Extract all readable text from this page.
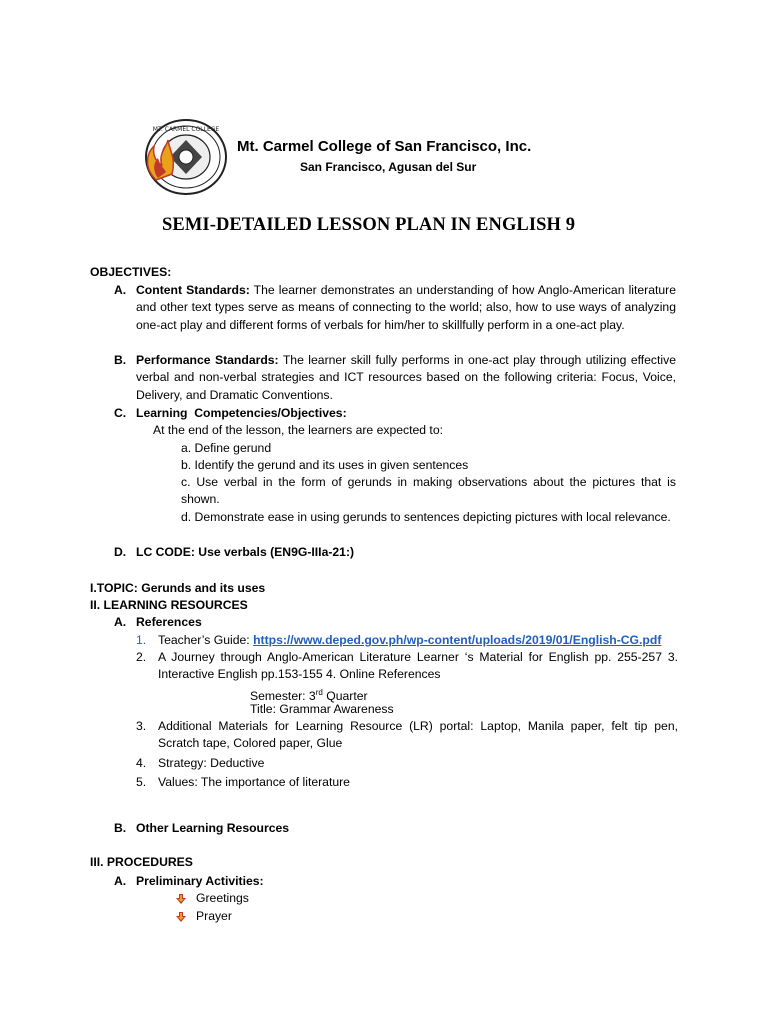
MT. CARMEL COLLEGE
Mt. Carmel College of San Francisco, Inc.
San Francisco, Agusan del Sur
SEMI-DETAILED LESSON PLAN IN ENGLISH 9
OBJECTIVES:
A. Content Standards: The learner demonstrates an understanding of how Anglo-American literature and other text types serve as means of connecting to the world; also, how to use ways of analyzing one-act play and different forms of verbals for him/her to skillfully perform in a one-act play.
B. Performance Standards: The learner skill fully performs in one-act play through utilizing effective verbal and non-verbal strategies and ICT resources based on the following criteria: Focus, Voice, Delivery, and Dramatic Conventions.
C. Learning  Competencies/Objectives:
At the end of the lesson, the learners are expected to:
a. Define gerund
b. Identify the gerund and its uses in given sentences
c. Use verbal in the form of gerunds in making observations about the pictures that is shown.
d. Demonstrate ease in using gerunds to sentences depicting pictures with local relevance.
D. LC CODE: Use verbals (EN9G-IIIa-21:)
I.TOPIC: Gerunds and its uses
II. LEARNING RESOURCES
A. References
1. Teacher’s Guide: https://www.deped.gov.ph/wp-content/uploads/2019/01/English-CG.pdf
2. A Journey through Anglo-American Literature Learner ‘s Material for English pp. 255-257 3. Interactive English pp.153-155 4. Online References
Semester: 3rd Quarter
Title: Grammar Awareness
3. Additional Materials for Learning Resource (LR) portal: Laptop, Manila paper, felt tip pen, Scratch tape, Colored paper, Glue
4. Strategy: Deductive
5. Values: The importance of literature
B. Other Learning Resources
III. PROCEDURES
A. Preliminary Activities:
Greetings
Prayer
